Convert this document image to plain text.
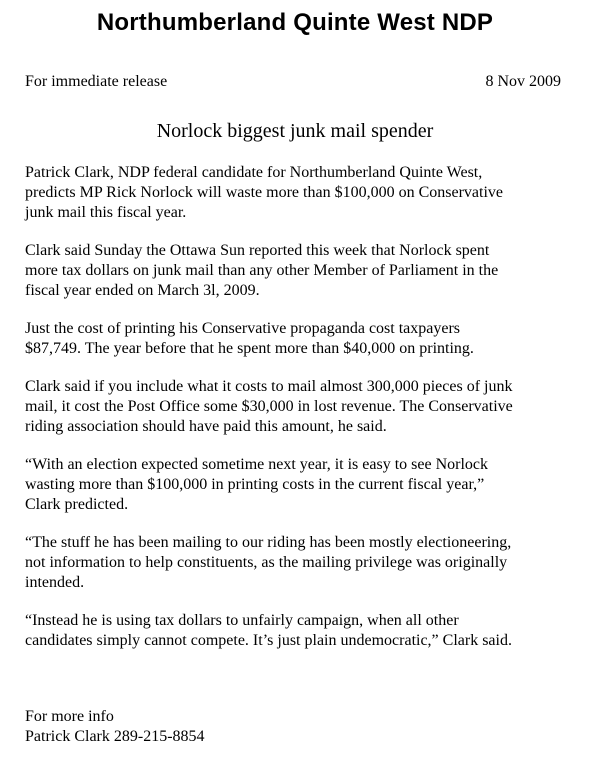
Northumberland Quinte West NDP
For immediate release	8 Nov 2009
Norlock biggest junk mail spender

Patrick Clark, NDP federal candidate for Northumberland Quinte West,
predicts MP Rick Norlock will waste more than $100,000 on Conservative
junk mail this fiscal year.

Clark said Sunday the Ottawa Sun reported this week that Norlock spent
more tax dollars on junk mail than any other Member of Parliament in the
fiscal year ended on March 3l, 2009.

Just the cost of printing his Conservative propaganda cost taxpayers
$87,749. The year before that he spent more than $40,000 on printing.

Clark said if you include what it costs to mail almost 300,000 pieces of junk
mail, it cost the Post Office some $30,000 in lost revenue. The Conservative
riding association should have paid this amount, he said.

“With an election expected sometime next year, it is easy to see Norlock
wasting more than $100,000 in printing costs in the current fiscal year,”
Clark predicted.

“The stuff he has been mailing to our riding has been mostly electioneering,
not information to help constituents, as the mailing privilege was originally
intended.

“Instead he is using tax dollars to unfairly campaign, when all other
candidates simply cannot compete. It’s just plain undemocratic,” Clark said.

For more info
Patrick Clark 289-215-8854
